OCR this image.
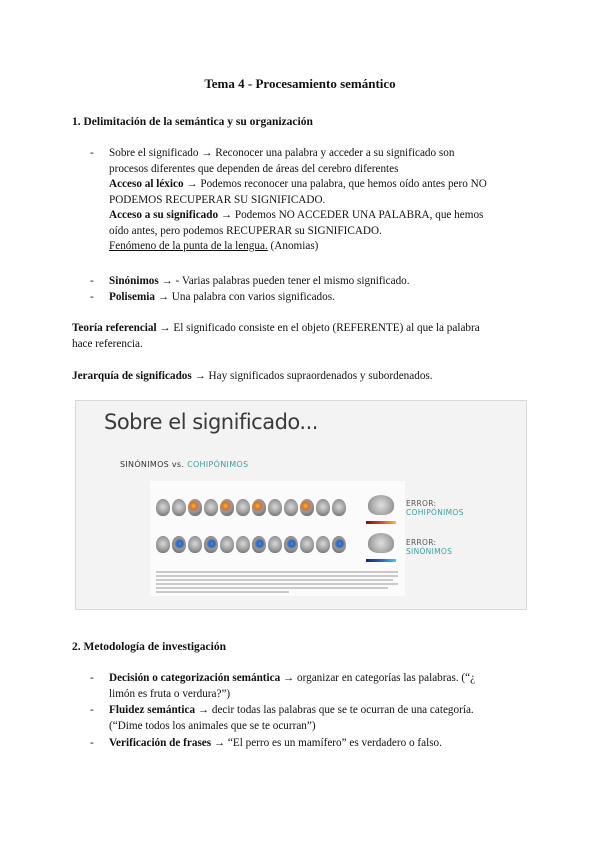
Tema 4 - Procesamiento semántico
1. Delimitación de la semántica y su organización
- Sobre el significado → Reconocer una palabra y acceder a su significado son
procesos diferentes que dependen de áreas del cerebro diferentes
Acceso al léxico → Podemos reconocer una palabra, que hemos oído antes pero NO
PODEMOS RECUPERAR SU SIGNIFICADO.
Acceso a su significado → Podemos NO ACCEDER UNA PALABRA, que hemos
oído antes, pero podemos RECUPERAR su SIGNIFICADO.
Fenómeno de la punta de la lengua. (Anomias)
- Sinónimos → - Varias palabras pueden tener el mismo significado.
- Polisemia → Una palabra con varios significados.
Teoría referencial → El significado consiste en el objeto (REFERENTE) al que la palabra
hace referencia.
Jerarquía de significados → Hay significados supraordenados y subordenados.
Sobre el significado...
SINÓNIMOS vs. COHIPÓNIMOS
ERROR:
COHIPÓNIMOS
ERROR:
SINÓNIMOS
2. Metodología de investigación
- Decisión o categorización semántica → organizar en categorías las palabras. (“¿
limón es fruta o verdura?”)
- Fluidez semántica → decir todas las palabras que se te ocurran de una categoría.
(“Dime todos los animales que se te ocurran”)
- Verificación de frases → “El perro es un mamífero” es verdadero o falso.
